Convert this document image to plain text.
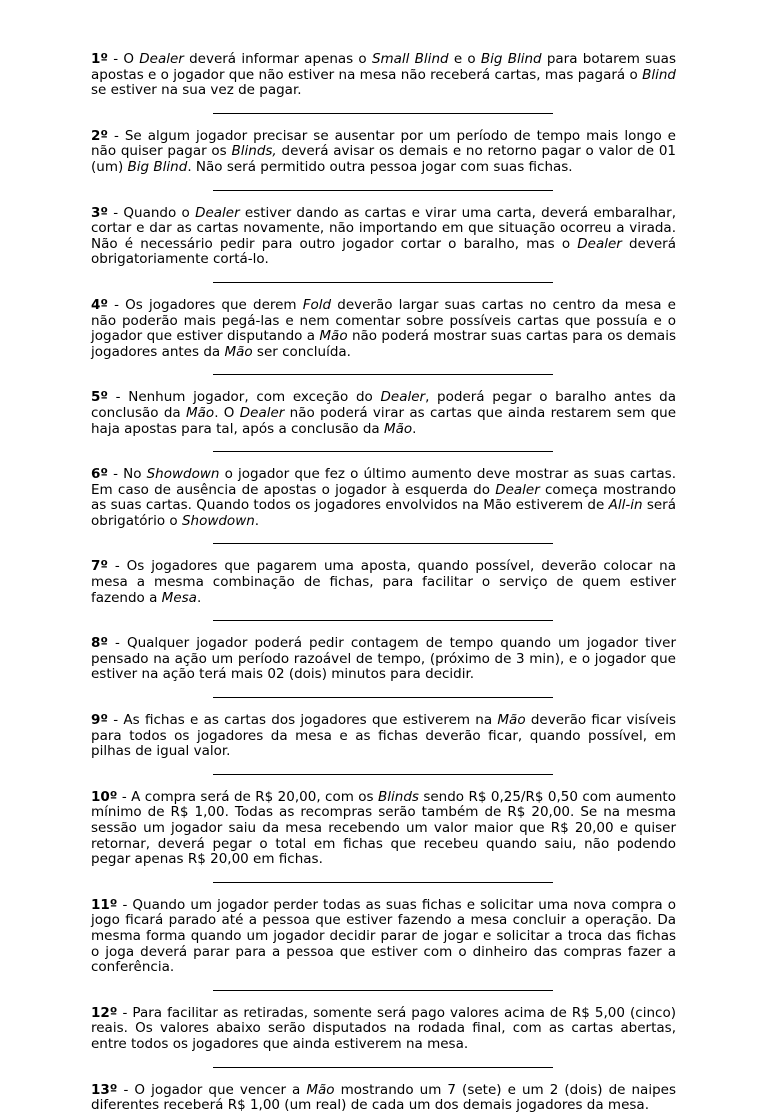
1º - O Dealer deverá informar apenas o Small Blind e o Big Blind para botarem suas apostas e o jogador que não estiver na mesa não receberá cartas, mas pagará o Blind se estiver na sua vez de pagar.

2º - Se algum jogador precisar se ausentar por um período de tempo mais longo e não quiser pagar os Blinds, deverá avisar os demais e no retorno pagar o valor de 01 (um) Big Blind. Não será permitido outra pessoa jogar com suas fichas.

3º - Quando o Dealer estiver dando as cartas e virar uma carta, deverá embaralhar, cortar e dar as cartas novamente, não importando em que situação ocorreu a virada. Não é necessário pedir para outro jogador cortar o baralho, mas o Dealer deverá obrigatoriamente cortá-lo.

4º - Os jogadores que derem Fold deverão largar suas cartas no centro da mesa e não poderão mais pegá-las e nem comentar sobre possíveis cartas que possuía e o jogador que estiver disputando a Mão não poderá mostrar suas cartas para os demais jogadores antes da Mão ser concluída.

5º - Nenhum jogador, com exceção do Dealer, poderá pegar o baralho antes da conclusão da Mão. O Dealer não poderá virar as cartas que ainda restarem sem que haja apostas para tal, após a conclusão da Mão.

6º - No Showdown o jogador que fez o último aumento deve mostrar as suas cartas. Em caso de ausência de apostas o jogador à esquerda do Dealer começa mostrando as suas cartas. Quando todos os jogadores envolvidos na Mão estiverem de All-in será obrigatório o Showdown.

7º - Os jogadores que pagarem uma aposta, quando possível, deverão colocar na mesa a mesma combinação de fichas, para facilitar o serviço de quem estiver fazendo a Mesa.

8º - Qualquer jogador poderá pedir contagem de tempo quando um jogador tiver pensado na ação um período razoável de tempo, (próximo de 3 min), e o jogador que estiver na ação terá mais 02 (dois) minutos para decidir.

9º - As fichas e as cartas dos jogadores que estiverem na Mão deverão ficar visíveis para todos os jogadores da mesa e as fichas deverão ficar, quando possível, em pilhas de igual valor.

10º - A compra será de R$ 20,00, com os Blinds sendo R$ 0,25/R$ 0,50 com aumento mínimo de R$ 1,00. Todas as recompras serão também de R$ 20,00. Se na mesma sessão um jogador saiu da mesa recebendo um valor maior que R$ 20,00 e quiser retornar, deverá pegar o total em fichas que recebeu quando saiu, não podendo pegar apenas R$ 20,00 em fichas.

11º - Quando um jogador perder todas as suas fichas e solicitar uma nova compra o jogo ficará parado até a pessoa que estiver fazendo a mesa concluir a operação. Da mesma forma quando um jogador decidir parar de jogar e solicitar a troca das fichas o joga deverá parar para a pessoa que estiver com o dinheiro das compras fazer a conferência.

12º - Para facilitar as retiradas, somente será pago valores acima de R$ 5,00 (cinco) reais. Os valores abaixo serão disputados na rodada final, com as cartas abertas, entre todos os jogadores que ainda estiverem na mesa.

13º - O jogador que vencer a Mão mostrando um 7 (sete) e um 2 (dois) de naipes diferentes receberá R$ 1,00 (um real) de cada um dos demais jogadores da mesa.
